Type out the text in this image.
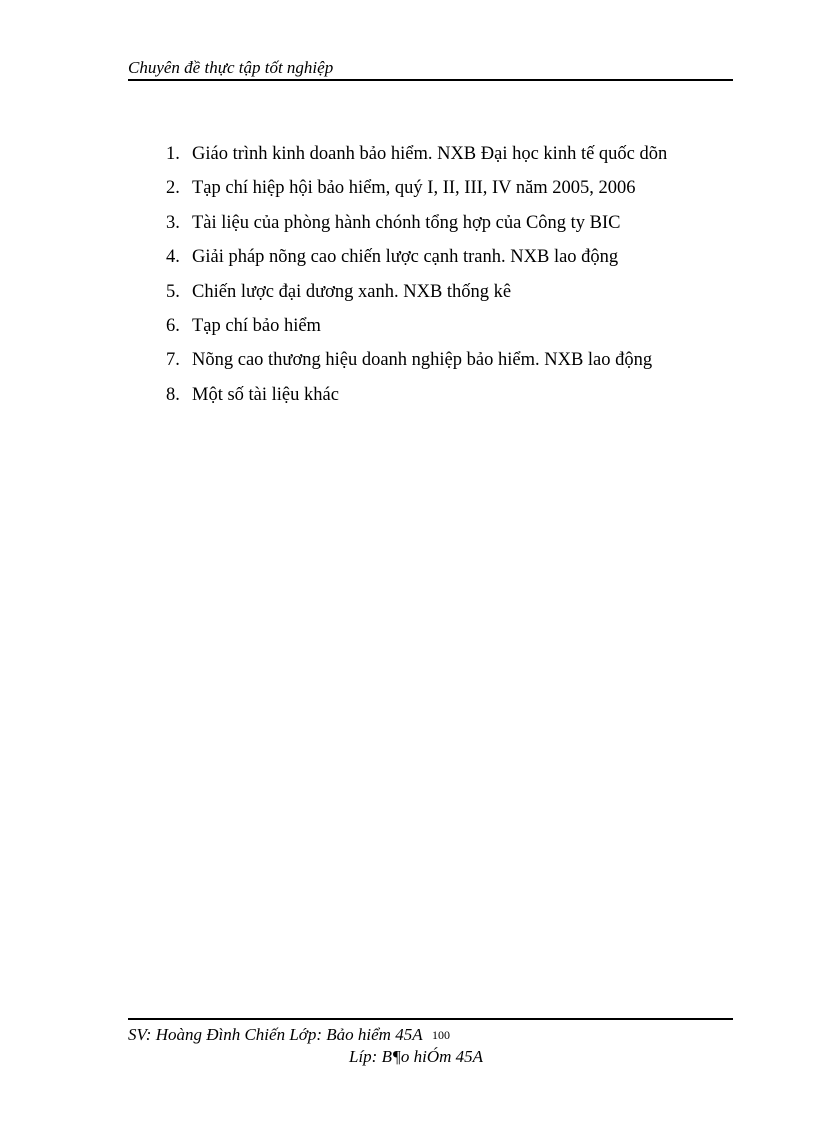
Chuyên đề thực tập tốt nghiệp
1. Giáo trình kinh doanh bảo hiểm. NXB Đại học kinh tế quốc dõn
2. Tạp chí hiệp hội bảo hiểm, quý I, II, III, IV năm 2005, 2006
3. Tài liệu của phòng hành chónh tổng hợp của Công ty BIC
4. Giải pháp nõng cao chiến lược cạnh tranh. NXB lao động
5. Chiến lược đại dương xanh. NXB thống kê
6. Tạp chí bảo hiểm
7. Nõng cao thương hiệu doanh nghiệp bảo hiểm. NXB lao động
8. Một số tài liệu khác
SV: Hoàng Đình Chiến Lớp: Bảo hiểm 45A 100
Líp: B¶o hiÓm 45A
